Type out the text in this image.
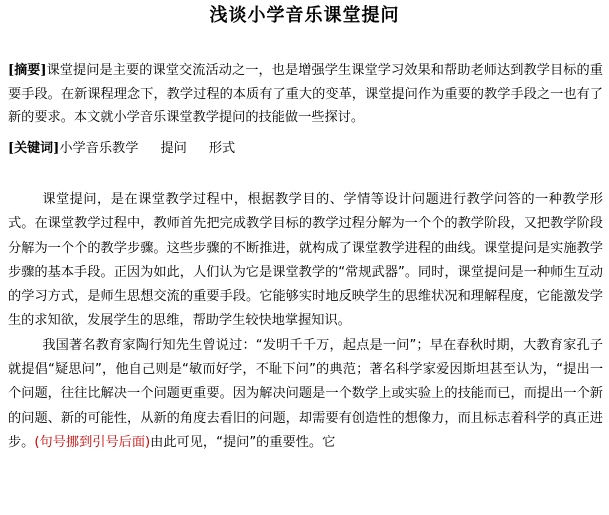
浅谈小学音乐课堂提问
[摘要]课堂提问是主要的课堂交流活动之一，也是增强学生课堂学习效果和帮助老师达到教学目标的重要手段。在新课程理念下，教学过程的本质有了重大的变革，课堂提问作为重要的教学手段之一也有了新的要求。本文就小学音乐课堂教学提问的技能做一些探讨。
[关键词]小学音乐教学 提问 形式

课堂提问，是在课堂教学过程中，根据教学目的、学情等设计问题进行教学问答的一种教学形式。在课堂教学过程中，教师首先把完成教学目标的教学过程分解为一个个的教学阶段，又把教学阶段分解为一个个的教学步骤。这些步骤的不断推进，就构成了课堂教学进程的曲线。课堂提问是实施教学步骤的基本手段。正因为如此，人们认为它是课堂教学的“常规武器”。同时，课堂提问是一种师生互动的学习方式，是师生思想交流的重要手段。它能够实时地反映学生的思维状况和理解程度，它能激发学生的求知欲，发展学生的思维，帮助学生较快地掌握知识。

我国著名教育家陶行知先生曾说过：“发明千千万，起点是一问”；早在春秋时期，大教育家孔子就提倡“疑思问”，他自己则是“敏而好学，不耻下问”的典范；著名科学家爱因斯坦甚至认为，“提出一个问题，往往比解决一个问题更重要。因为解决问题是一个数学上或实验上的技能而已，而提出一个新的问题、新的可能性，从新的角度去看旧的问题，却需要有创造性的想像力，而且标志着科学的真正进步。(句号挪到引号后面)由此可见，“提问”的重要性。它
